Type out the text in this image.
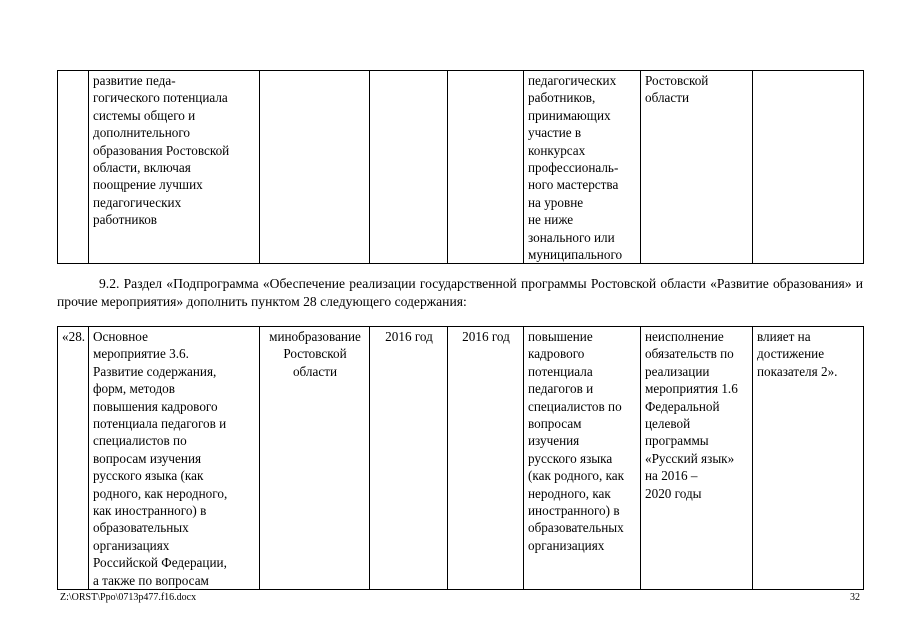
	развитие педа-
гогического потенциала
системы общего и
дополнительного
образования Ростовской
области, включая
поощрение лучших
педагогических
работников				педагогических
работников,
принимающих
участие в
конкурсах
профессиональ-
ного мастерства
на уровне
не ниже
зонального или
муниципального	Ростовской
области	
9.2. Раздел «Подпрограмма «Обеспечение реализации государственной программы Ростовской области «Развитие образования» и прочие мероприятия» дополнить пунктом 28 следующего содержания:
«28.	Основное
мероприятие 3.6.
Развитие содержания,
форм, методов
повышения кадрового
потенциала педагогов и
специалистов по
вопросам изучения
русского языка (как
родного, как неродного,
как иностранного) в
образовательных
организациях
Российской Федерации,
а также по вопросам	минобразование
Ростовской
области	2016 год	2016 год	повышение
кадрового
потенциала
педагогов и
специалистов по
вопросам
изучения
русского языка
(как родного, как
неродного, как
иностранного) в
образовательных
организациях	неисполнение
обязательств по
реализации
мероприятия 1.6
Федеральной
целевой
программы
«Русский язык»
на 2016 –
2020 годы	влияет на
достижение
показателя 2».
Z:\ORST\Ppo\0713p477.f16.docx	32
